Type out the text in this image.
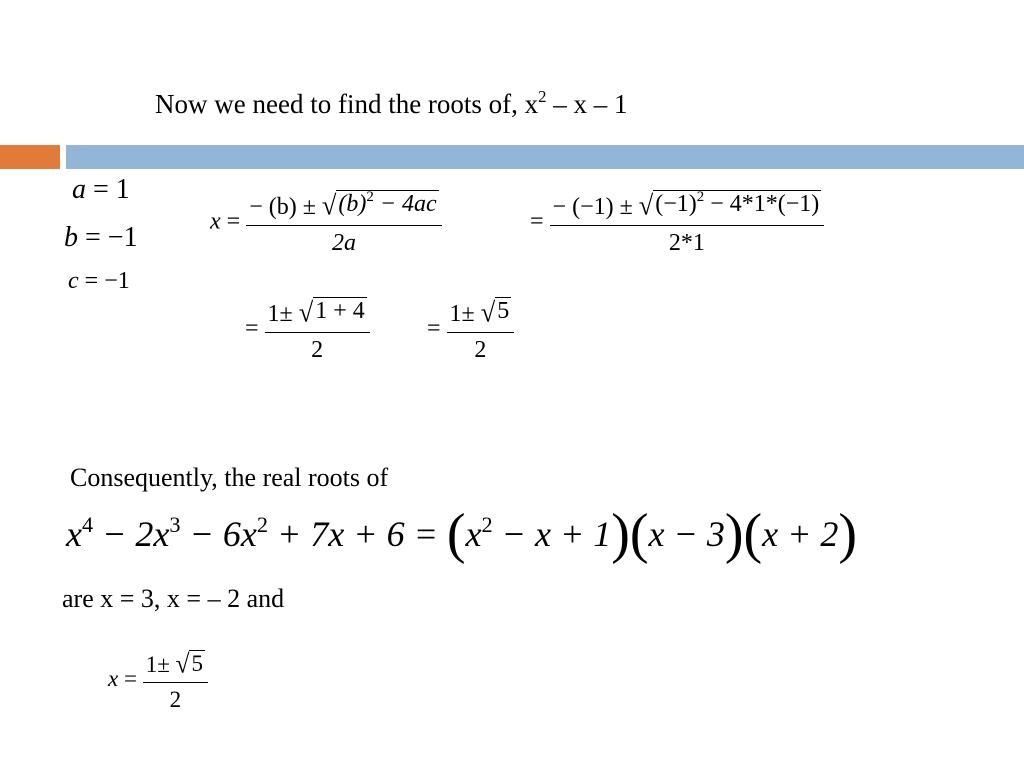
Now we need to find the roots of, $x^2$ – x – 1
a = 1
b = −1
c = −1
$x = \frac{- (b) \pm √ (b)^2 - 4ac}{2a}$	= $\frac{- (-1) \pm √ (-1)^2 - 4*1*(-1)}{2*1}$
= $\frac{1\pm √ 1 + 4}{2} = \frac{1\pm √ 5}{2}$
Consequently, the real roots of
$x^4 - 2x^3 - 6x^2 + 7x + 6 = (x^2 - x + 1)(x - 3)(x + 2)$
are x = 3, x = – 2 and
$x = \frac{1\pm √ 5}{2}$
